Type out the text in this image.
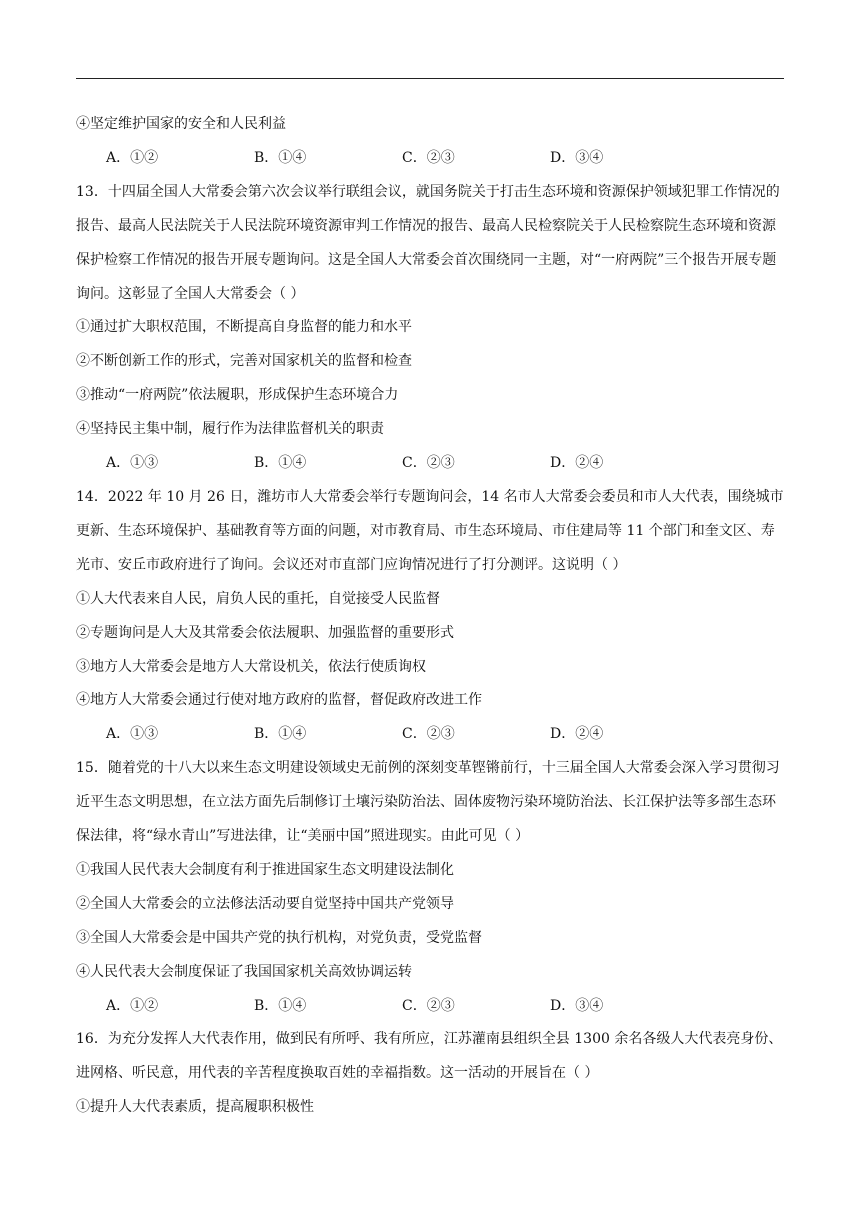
④坚定维护国家的安全和人民利益

A．①②	B．①④	C．②③	D．③④

13．十四届全国人大常委会第六次会议举行联组会议，就国务院关于打击生态环境和资源保护领域犯罪工作情况的报告、最高人民法院关于人民法院环境资源审判工作情况的报告、最高人民检察院关于人民检察院生态环境和资源保护检察工作情况的报告开展专题询问。这是全国人大常委会首次围绕同一主题，对“一府两院”三个报告开展专题询问。这彰显了全国人大常委会（ ）

①通过扩大职权范围，不断提高自身监督的能力和水平

②不断创新工作的形式，完善对国家机关的监督和检查

③推动“一府两院”依法履职，形成保护生态环境合力

④坚持民主集中制，履行作为法律监督机关的职责

A．①③	B．①④	C．②③	D．②④

14．2022 年 10 月 26 日，潍坊市人大常委会举行专题询问会，14 名市人大常委会委员和市人大代表，围绕城市更新、生态环境保护、基础教育等方面的问题，对市教育局、市生态环境局、市住建局等 11 个部门和奎文区、寿光市、安丘市政府进行了询问。会议还对市直部门应询情况进行了打分测评。这说明（ ）

①人大代表来自人民，肩负人民的重托，自觉接受人民监督

②专题询问是人大及其常委会依法履职、加强监督的重要形式

③地方人大常委会是地方人大常设机关，依法行使质询权

④地方人大常委会通过行使对地方政府的监督，督促政府改进工作

A．①③	B．①④	C．②③	D．②④

15．随着党的十八大以来生态文明建设领域史无前例的深刻变革铿锵前行，十三届全国人大常委会深入学习贯彻习近平生态文明思想，在立法方面先后制修订土壤污染防治法、固体废物污染环境防治法、长江保护法等多部生态环保法律，将“绿水青山”写进法律，让“美丽中国”照进现实。由此可见（ ）

①我国人民代表大会制度有利于推进国家生态文明建设法制化

②全国人大常委会的立法修法活动要自觉坚持中国共产党领导

③全国人大常委会是中国共产党的执行机构，对党负责，受党监督

④人民代表大会制度保证了我国国家机关高效协调运转

A．①②	B．①④	C．②③	D．③④

16．为充分发挥人大代表作用，做到民有所呼、我有所应，江苏灌南县组织全县 1300 余名各级人大代表亮身份、进网格、听民意，用代表的辛苦程度换取百姓的幸福指数。这一活动的开展旨在（ ）

①提升人大代表素质，提高履职积极性
